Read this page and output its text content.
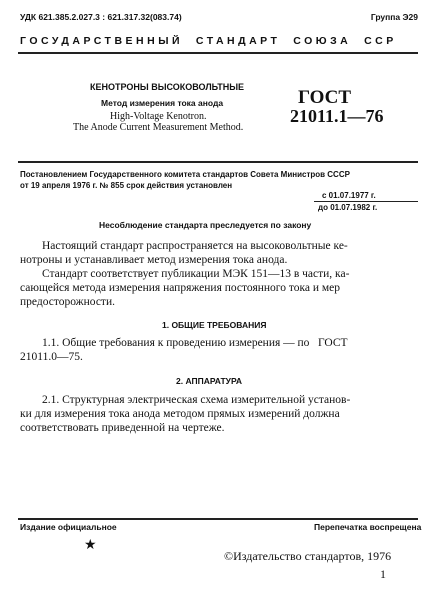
УДК 621.385.2.027.3 : 621.317.32(083.74)	Группа Э29
ГОСУДАРСТВЕННЫЙ  СТАНДАРТ  СОЮЗА  ССР
КЕНОТРОНЫ ВЫСОКОВОЛЬТНЫЕ
Метод измерения тока анода
High-Voltage Kenotron.
The Anode Current Measurement Method.
ГОСТ
21011.1—76
Постановлением Государственного комитета стандартов Совета Министров СССР
от 19 апреля 1976 г. № 855 срок действия установлен
с 01.07.1977 г.
до 01.07.1982 г.
Несоблюдение стандарта преследуется по закону
Настоящий стандарт распространяется на высоковольтные ке-
нотроны и устанавливает метод измерения тока анода.
Стандарт соответствует публикации МЭК 151—13 в части, ка-
сающейся метода измерения напряжения постоянного тока и мер
предосторожности.
1. ОБЩИЕ ТРЕБОВАНИЯ
1.1. Общие требования к проведению измерения — по   ГОСТ
21011.0—75.
2. АППАРАТУРА
2.1. Структурная электрическая схема измерительной установ-
ки для измерения тока анода методом прямых измерений должна
соответствовать приведенной на чертеже.
Издание официальное	Перепечатка воспрещена
★
©Издательство стандартов, 1976
1
